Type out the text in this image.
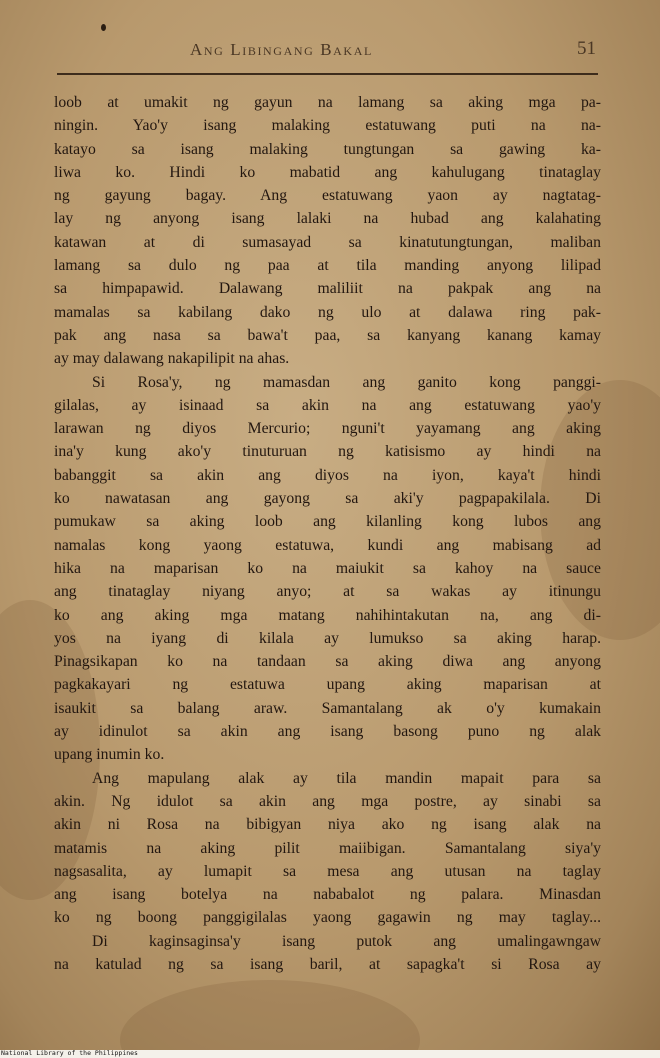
Ang Libingang Bakal	51
loob at umakit ng gayun na lamang sa aking mga pa-
ningin. Yao'y isang malaking estatuwang puti na na-
katayo sa isang malaking tungtungan sa gawing ka-
liwa ko. Hindi ko mabatid ang kahulugang tinataglay
ng gayung bagay. Ang estatuwang yaon ay nagtatag-
lay ng anyong isang lalaki na hubad ang kalahating
katawan at di sumasayad sa kinatutungtungan, maliban
lamang sa dulo ng paa at tila manding anyong lilipad
sa himpapawid. Dalawang maliliit na pakpak ang na
mamalas sa kabilang dako ng ulo at dalawa ring pak-
pak ang nasa sa bawa't paa, sa kanyang kanang kamay
ay may dalawang nakapilipit na ahas.
Si Rosa'y, ng mamasdan ang ganito kong panggi-
gilalas, ay isinaad sa akin na ang estatuwang yao'y
larawan ng diyos Mercurio; nguni't yayamang ang aking
ina'y kung ako'y tinuturuan ng katisismo ay hindi na
babanggit sa akin ang diyos na iyon, kaya't hindi
ko nawatasan ang gayong sa aki'y pagpapakilala. Di
pumukaw sa aking loob ang kilanling kong lubos ang
namalas kong yaong estatuwa, kundi ang mabisang ad
hika na maparisan ko na maiukit sa kahoy na sauce
ang tinataglay niyang anyo; at sa wakas ay itinungu
ko ang aking mga matang nahihintakutan na, ang di-
yos na iyang di kilala ay lumukso sa aking harap.
Pinagsikapan ko na tandaan sa aking diwa ang anyong
pagkakayari ng estatuwa upang aking maparisan at
isaukit sa balang araw. Samantalang ak o'y kumakain
ay idinulot sa akin ang isang basong puno ng alak
upang inumin ko.
Ang mapulang alak ay tila mandin mapait para sa
akin. Ng idulot sa akin ang mga postre, ay sinabi sa
akin ni Rosa na bibigyan niya ako ng isang alak na
matamis na aking pilit maiibigan. Samantalang siya'y
nagsasalita, ay lumapit sa mesa ang utusan na taglay
ang isang botelya na nababalot ng palara. Minasdan
ko ng boong panggigilalas yaong gagawin ng may taglay...
Di kaginsaginsa'y isang putok ang umalingawngaw
na katulad ng sa isang baril, at sapagka't si Rosa ay
National Library of the Philippines
